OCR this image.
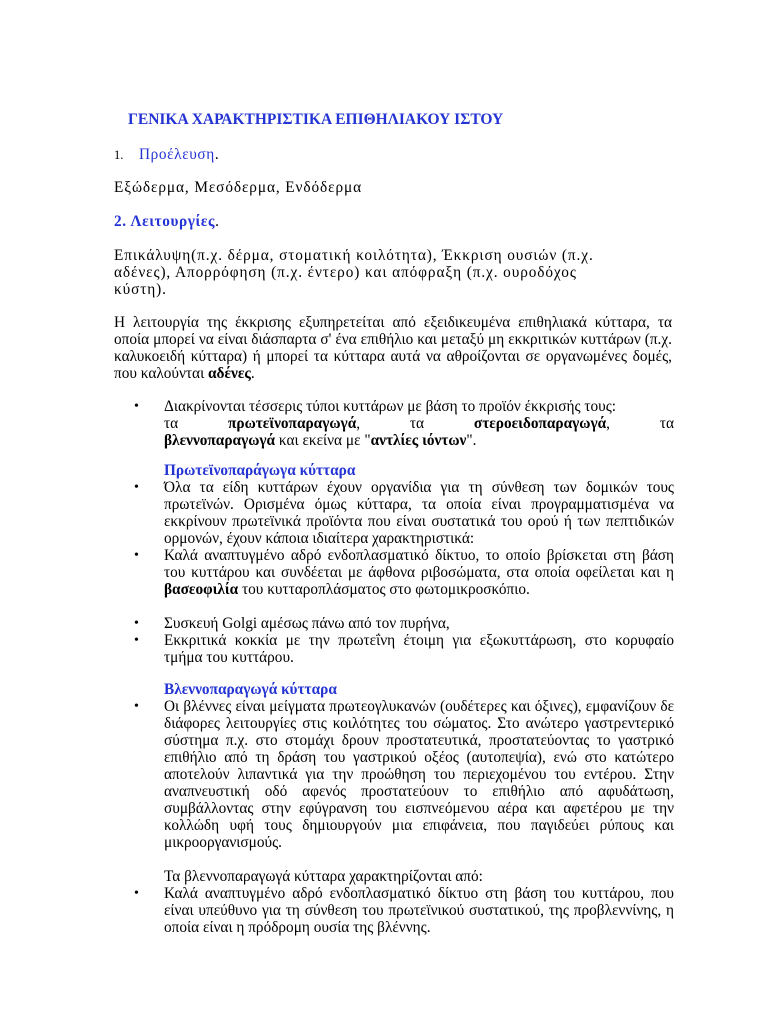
ΓΕΝΙΚΑ ΧΑΡΑΚΤΗΡΙΣΤΙΚΑ ΕΠΙΘΗΛΙΑΚΟΥ ΙΣΤΟΥ
1. Προέλευση.
Εξώδερμα, Μεσόδερμα, Ενδόδερμα
2. Λειτουργίες.
Επικάλυψη(π.χ. δέρμα, στοματική κοιλότητα), Έκκριση ουσιών (π.χ.
αδένες), Απορρόφηση (π.χ. έντερο) και απόφραξη (π.χ. ουροδόχος
κύστη).
Η λειτουργία της έκκρισης εξυπηρετείται από εξειδικευμένα επιθηλιακά κύτταρα, τα οποία μπορεί να είναι διάσπαρτα σ' ένα επιθήλιο και μεταξύ μη εκκριτικών κυττάρων (π.χ. καλυκοειδή κύτταρα) ή μπορεί τα κύτταρα αυτά να αθροίζονται σε οργανωμένες δομές, που καλούνται αδένες.
• Διακρίνονται τέσσερις τύποι κυττάρων με βάση το προϊόν έκκρισής τους:
τα	πρωτεϊνοπαραγωγά,	τα	στεροειδοπαραγωγά,	τα
βλεννοπαραγωγά και εκείνα με "αντλίες ιόντων".
Πρωτεϊνοπαράγωγα κύτταρα
• Όλα τα είδη κυττάρων έχουν οργανίδια για τη σύνθεση των δομικών τους πρωτεϊνών. Ορισμένα όμως κύτταρα, τα οποία είναι προγραμματισμένα να εκκρίνουν πρωτεϊνικά προϊόντα που είναι συστατικά του ορού ή των πεπτιδικών ορμονών, έχουν κάποια ιδιαίτερα χαρακτηριστικά:
• Καλά αναπτυγμένο αδρό ενδοπλασματικό δίκτυο, το οποίο βρίσκεται στη βάση του κυττάρου και συνδέεται με άφθονα ριβοσώματα, στα οποία οφείλεται και η βασεοφιλία του κυτταροπλάσματος στο φωτομικροσκόπιο.
• Συσκευή Golgi αμέσως πάνω από τον πυρήνα,
• Εκκριτικά κοκκία με την πρωτεΐνη έτοιμη για εξωκυττάρωση, στο κορυφαίο τμήμα του κυττάρου.
Βλεννοπαραγωγά κύτταρα
• Οι βλέννες είναι μείγματα πρωτεογλυκανών (ουδέτερες και όξινες), εμφανίζουν δε διάφορες λειτουργίες στις κοιλότητες του σώματος. Στο ανώτερο γαστρεντερικό σύστημα π.χ. στο στομάχι δρουν προστατευτικά, προστατεύοντας το γαστρικό επιθήλιο από τη δράση του γαστρικού οξέος (αυτοπεψία), ενώ στο κατώτερο αποτελούν λιπαντικά για την προώθηση του περιεχομένου του εντέρου. Στην αναπνευστική οδό αφενός προστατεύουν το επιθήλιο από αφυδάτωση, συμβάλλοντας στην εφύγρανση του εισπνεόμενου αέρα και αφετέρου με την κολλώδη υφή τους δημιουργούν μια επιφάνεια, που παγιδεύει ρύπους και μικροοργανισμούς.
Τα βλεννοπαραγωγά κύτταρα χαρακτηρίζονται από:
• Καλά αναπτυγμένο αδρό ενδοπλασματικό δίκτυο στη βάση του κυττάρου, που είναι υπεύθυνο για τη σύνθεση του πρωτεϊνικού συστατικού, της προβλεννίνης, η οποία είναι η πρόδρομη ουσία της βλέννης.
